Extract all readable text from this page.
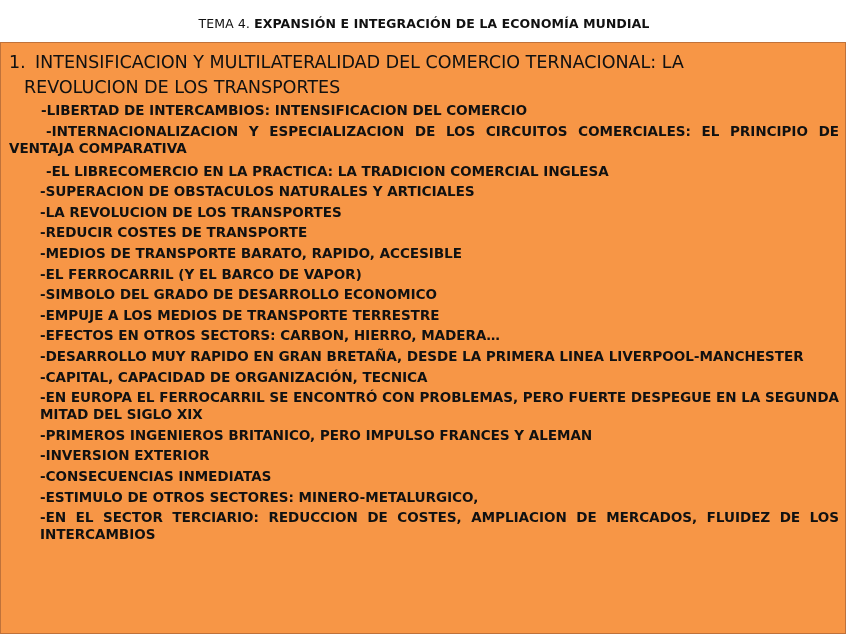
TEMA 4. EXPANSIÓN E INTEGRACIÓN DE LA ECONOMÍA MUNDIAL
1. INTENSIFICACION Y MULTILATERALIDAD DEL COMERCIO TERNACIONAL: LA
REVOLUCION DE LOS TRANSPORTES
-LIBERTAD DE INTERCAMBIOS: INTENSIFICACION DEL COMERCIO
-INTERNACIONALIZACION Y ESPECIALIZACION DE LOS CIRCUITOS COMERCIALES: EL PRINCIPIO DE VENTAJA COMPARATIVA
-EL LIBRECOMERCIO EN LA PRACTICA: LA TRADICION COMERCIAL INGLESA
-SUPERACION DE OBSTACULOS NATURALES Y ARTICIALES
-LA REVOLUCION DE LOS TRANSPORTES
-REDUCIR COSTES DE TRANSPORTE
-MEDIOS DE TRANSPORTE BARATO, RAPIDO, ACCESIBLE
-EL FERROCARRIL (Y EL BARCO DE VAPOR)
-SIMBOLO DEL GRADO DE DESARROLLO ECONOMICO
-EMPUJE A LOS MEDIOS DE TRANSPORTE TERRESTRE
-EFECTOS EN OTROS SECTORS: CARBON, HIERRO, MADERA…
-DESARROLLO MUY RAPIDO EN GRAN BRETAÑA, DESDE LA PRIMERA LINEA LIVERPOOL-MANCHESTER
-CAPITAL, CAPACIDAD DE ORGANIZACIÓN, TECNICA
-EN EUROPA EL FERROCARRIL SE ENCONTRÓ CON PROBLEMAS, PERO FUERTE DESPEGUE EN LA SEGUNDA MITAD DEL SIGLO XIX
-PRIMEROS INGENIEROS BRITANICO, PERO IMPULSO FRANCES Y ALEMAN
-INVERSION EXTERIOR
-CONSECUENCIAS INMEDIATAS
-ESTIMULO DE OTROS SECTORES: MINERO-METALURGICO,
-EN EL SECTOR TERCIARIO: REDUCCION DE COSTES, AMPLIACION DE MERCADOS, FLUIDEZ DE LOS INTERCAMBIOS
